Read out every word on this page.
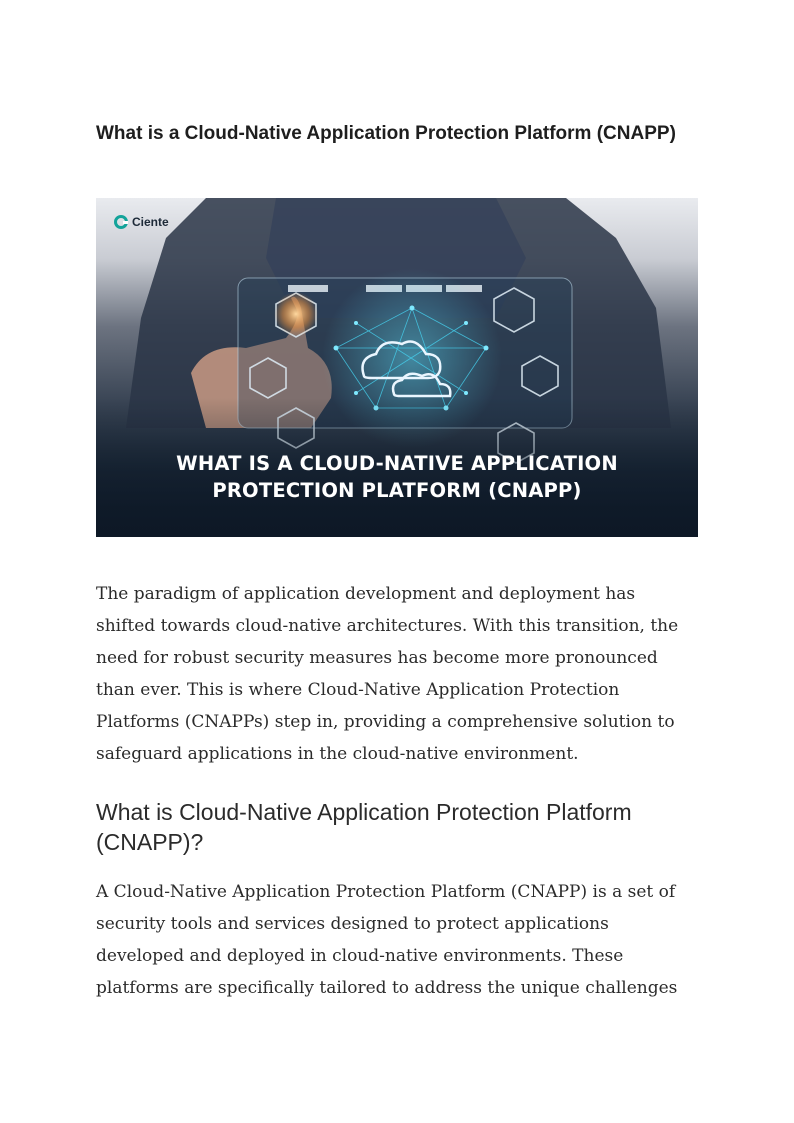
What is a Cloud-Native Application Protection Platform (CNAPP)
Ciente
WHAT IS A CLOUD-NATIVE APPLICATION
PROTECTION PLATFORM (CNAPP)

The paradigm of application development and deployment has
shifted towards cloud-native architectures. With this transition, the
need for robust security measures has become more pronounced
than ever. This is where Cloud-Native Application Protection
Platforms (CNAPPs) step in, providing a comprehensive solution to
safeguard applications in the cloud-native environment.

What is Cloud-Native Application Protection Platform
(CNAPP)?

A Cloud-Native Application Protection Platform (CNAPP) is a set of
security tools and services designed to protect applications
developed and deployed in cloud-native environments. These
platforms are specifically tailored to address the unique challenges
